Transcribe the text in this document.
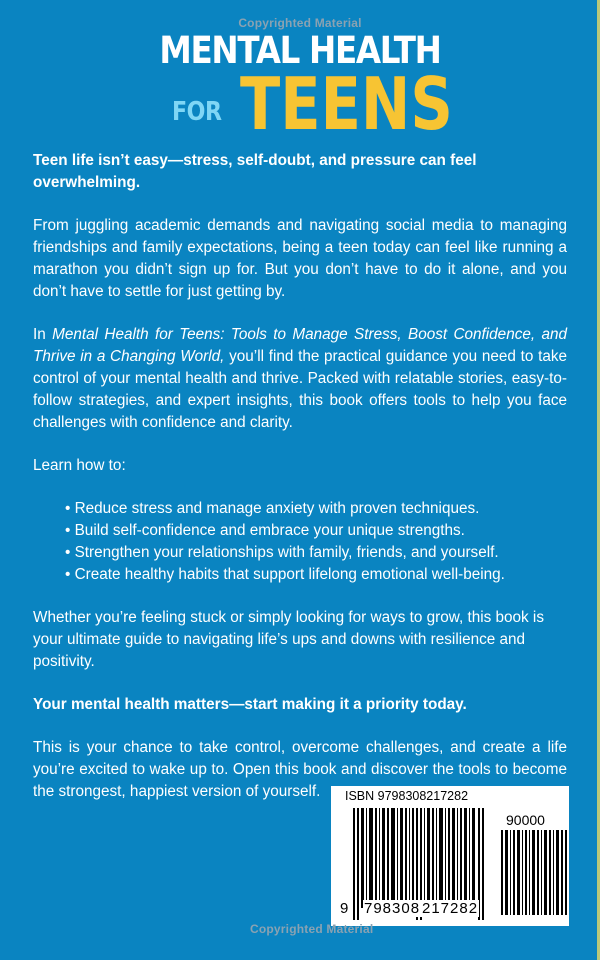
Copyrighted Material
MENTAL HEALTH
FOR TEENS

Teen life isn’t easy—stress, self-doubt, and pressure can feel overwhelming.

From juggling academic demands and navigating social media to managing friendships and family expectations, being a teen today can feel like running a marathon you didn’t sign up for. But you don’t have to do it alone, and you don’t have to settle for just getting by.

In Mental Health for Teens: Tools to Manage Stress, Boost Confidence, and Thrive in a Changing World, you’ll find the practical guidance you need to take control of your mental health and thrive. Packed with relatable stories, easy-to-follow strategies, and expert insights, this book offers tools to help you face challenges with confidence and clarity.

Learn how to:

• Reduce stress and manage anxiety with proven techniques.
• Build self-confidence and embrace your unique strengths.
• Strengthen your relationships with family, friends, and yourself.
• Create healthy habits that support lifelong emotional well-being.

Whether you’re feeling stuck or simply looking for ways to grow, this book is your ultimate guide to navigating life’s ups and downs with resilience and positivity.

Your mental health matters—start making it a priority today.

This is your chance to take control, overcome challenges, and create a life you’re excited to wake up to. Open this book and discover the tools to become the strongest, happiest version of yourself.	ISBN 9798308217282
90000
9 798308 217282
Copyrighted Material
